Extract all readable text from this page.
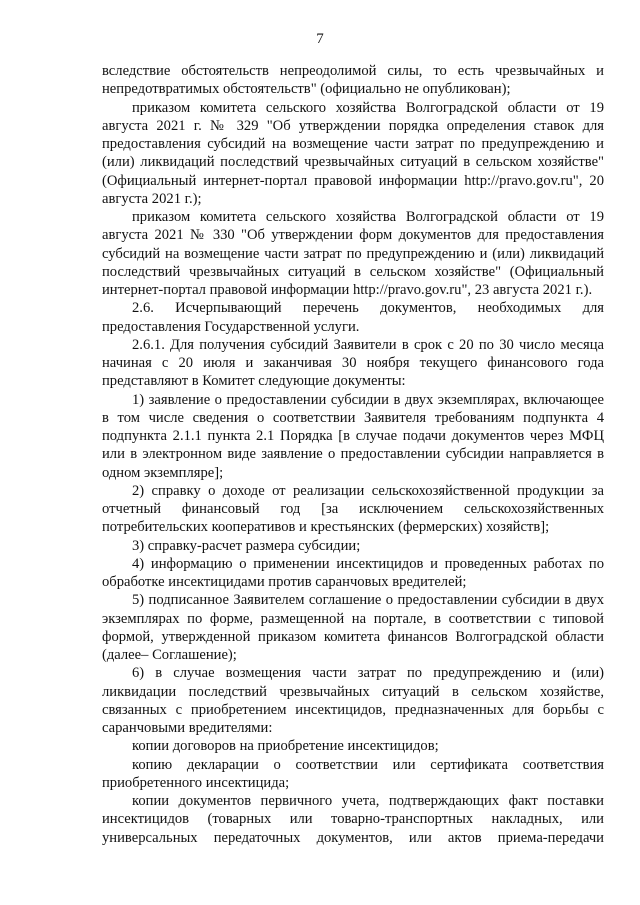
7

вследствие обстоятельств непреодолимой силы, то есть чрезвычайных и непредотвратимых обстоятельств" (официально не опубликован);

приказом комитета сельского хозяйства Волгоградской области от 19 августа 2021 г. № 329 "Об утверждении порядка определения ставок для предоставления субсидий на возмещение части затрат по предупреждению и (или) ликвидаций последствий чрезвычайных ситуаций в сельском хозяйстве" (Официальный интернет-портал правовой информации http://pravo.gov.ru", 20 августа 2021 г.);

приказом комитета сельского хозяйства Волгоградской области от 19 августа 2021 № 330 "Об утверждении форм документов для предоставления субсидий на возмещение части затрат по предупреждению и (или) ликвидаций последствий чрезвычайных ситуаций в сельском хозяйстве" (Официальный интернет-портал правовой информации http://pravo.gov.ru", 23 августа 2021 г.).

2.6. Исчерпывающий перечень документов, необходимых для предоставления Государственной услуги.

2.6.1. Для получения субсидий Заявители в срок с 20 по 30 число месяца начиная с 20 июля и заканчивая 30 ноября текущего финансового года представляют в Комитет следующие документы:

1) заявление о предоставлении субсидии в двух экземплярах, включающее в том числе сведения о соответствии Заявителя требованиям подпункта 4 подпункта 2.1.1 пункта 2.1 Порядка [в случае подачи документов через МФЦ или в электронном виде заявление о предоставлении субсидии направляется в одном экземпляре];

2) справку о доходе от реализации сельскохозяйственной продукции за отчетный финансовый год [за исключением сельскохозяйственных потребительских кооперативов и крестьянских (фермерских) хозяйств];

3) справку-расчет размера субсидии;

4) информацию о применении инсектицидов и проведенных работах по обработке инсектицидами против саранчовых вредителей;

5) подписанное Заявителем соглашение о предоставлении субсидии в двух экземплярах по форме, размещенной на портале, в соответствии с типовой формой, утвержденной приказом комитета финансов Волгоградской области (далее– Соглашение);

6) в случае возмещения части затрат по предупреждению и (или) ликвидации последствий чрезвычайных ситуаций в сельском хозяйстве, связанных с приобретением инсектицидов, предназначенных для борьбы с саранчовыми вредителями:

копии договоров на приобретение инсектицидов;

копию декларации о соответствии или сертификата соответствия приобретенного инсектицида;

копии документов первичного учета, подтверждающих факт поставки инсектицидов (товарных или товарно-транспортных накладных, или универсальных передаточных документов, или актов приема-передачи
